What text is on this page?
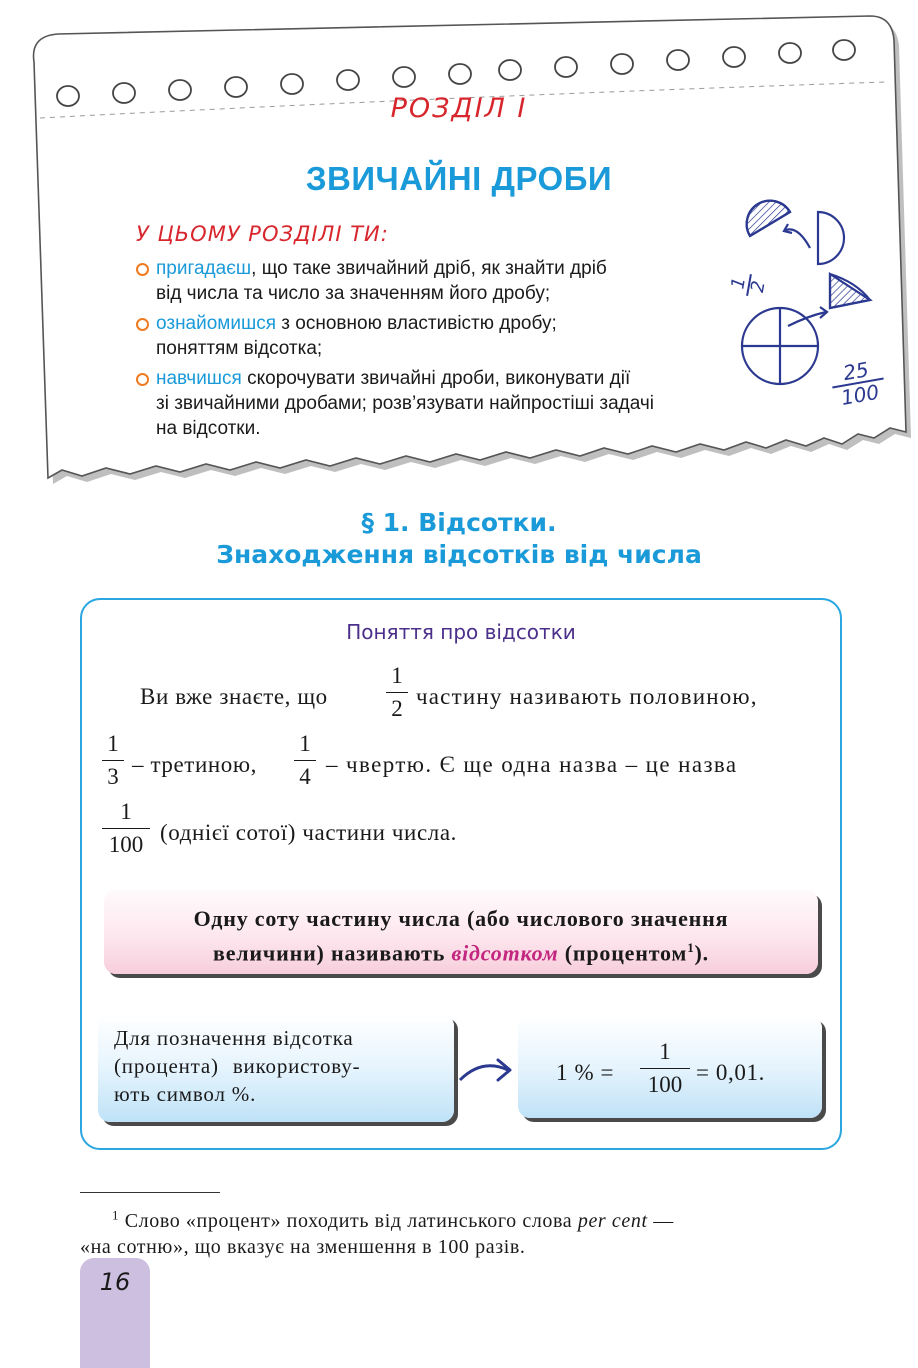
1
2
25
100
РОЗДІЛ І
ЗВИЧАЙНІ ДРОБИ
У ЦЬОМУ РОЗДІЛІ ТИ:
пригадаєш, що таке звичайний дріб, як знайти дріб
від числа та число за значенням його дробу;
ознайомишся з основною властивістю дробу;
поняттям відсотка;
навчишся скорочувати звичайні дроби, виконувати дії
зі звичайними дробами; розв’язувати найпростіші задачі
на відсотки.
§ 1. Відсотки.
Знаходження відсотків від числа
Поняття про відсотки
Ви вже знаєте, що
1
2 частину називають половиною,
1
3 – третиною,
1
4 – чвертю. Є ще одна назва – це назва
1
100 (однієї сотої) частини числа.
Одну соту частину числа (або числового значення
величини) називають відсотком (процентом$^1$).
Для позначення відсотка
(процента) використову-
ють символ %.
1 % =
1
100 = 0,01.
$^1$ Слово «процент» походить від латинського слова per cent —
«на сотню», що вказує на зменшення в 100 разів.
16
